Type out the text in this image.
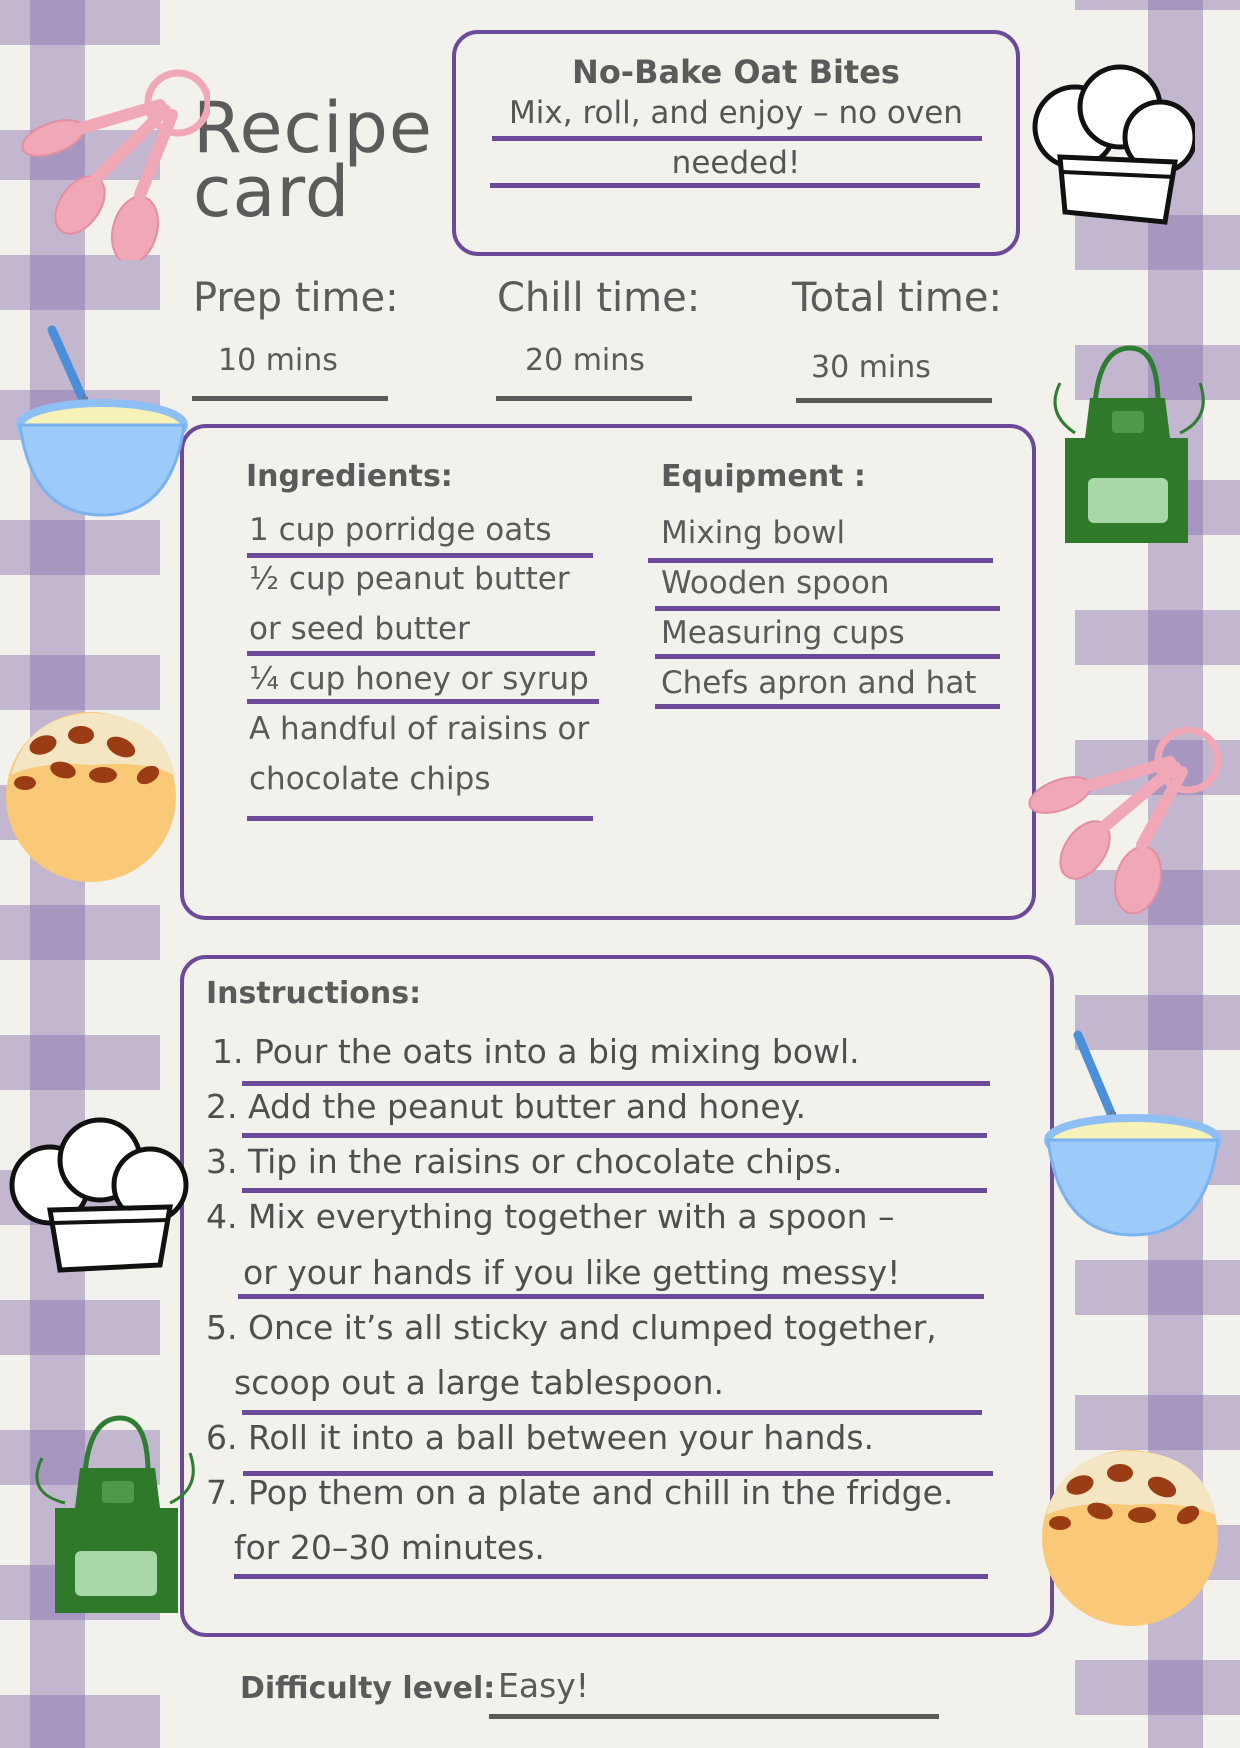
Recipe
card
No-Bake Oat Bites
Mix, roll, and enjoy – no oven
needed!
Prep time:
10 mins
Chill time:
20 mins
Total time:
30 mins
Ingredients:
1 cup porridge oats
½ cup peanut butter
or seed butter
¼ cup honey or syrup
A handful of raisins or
chocolate chips
Equipment :
Mixing bowl
Wooden spoon
Measuring cups
Chefs apron and hat
Instructions:
1. Pour the oats into a big mixing bowl.
2. Add the peanut butter and honey.
3. Tip in the raisins or chocolate chips.
4. Mix everything together with a spoon –
or your hands if you like getting messy!
5. Once it’s all sticky and clumped together,
scoop out a large tablespoon.
6. Roll it into a ball between your hands.
7. Pop them on a plate and chill in the fridge.
for 20–30 minutes.
Difficulty level: Easy!
